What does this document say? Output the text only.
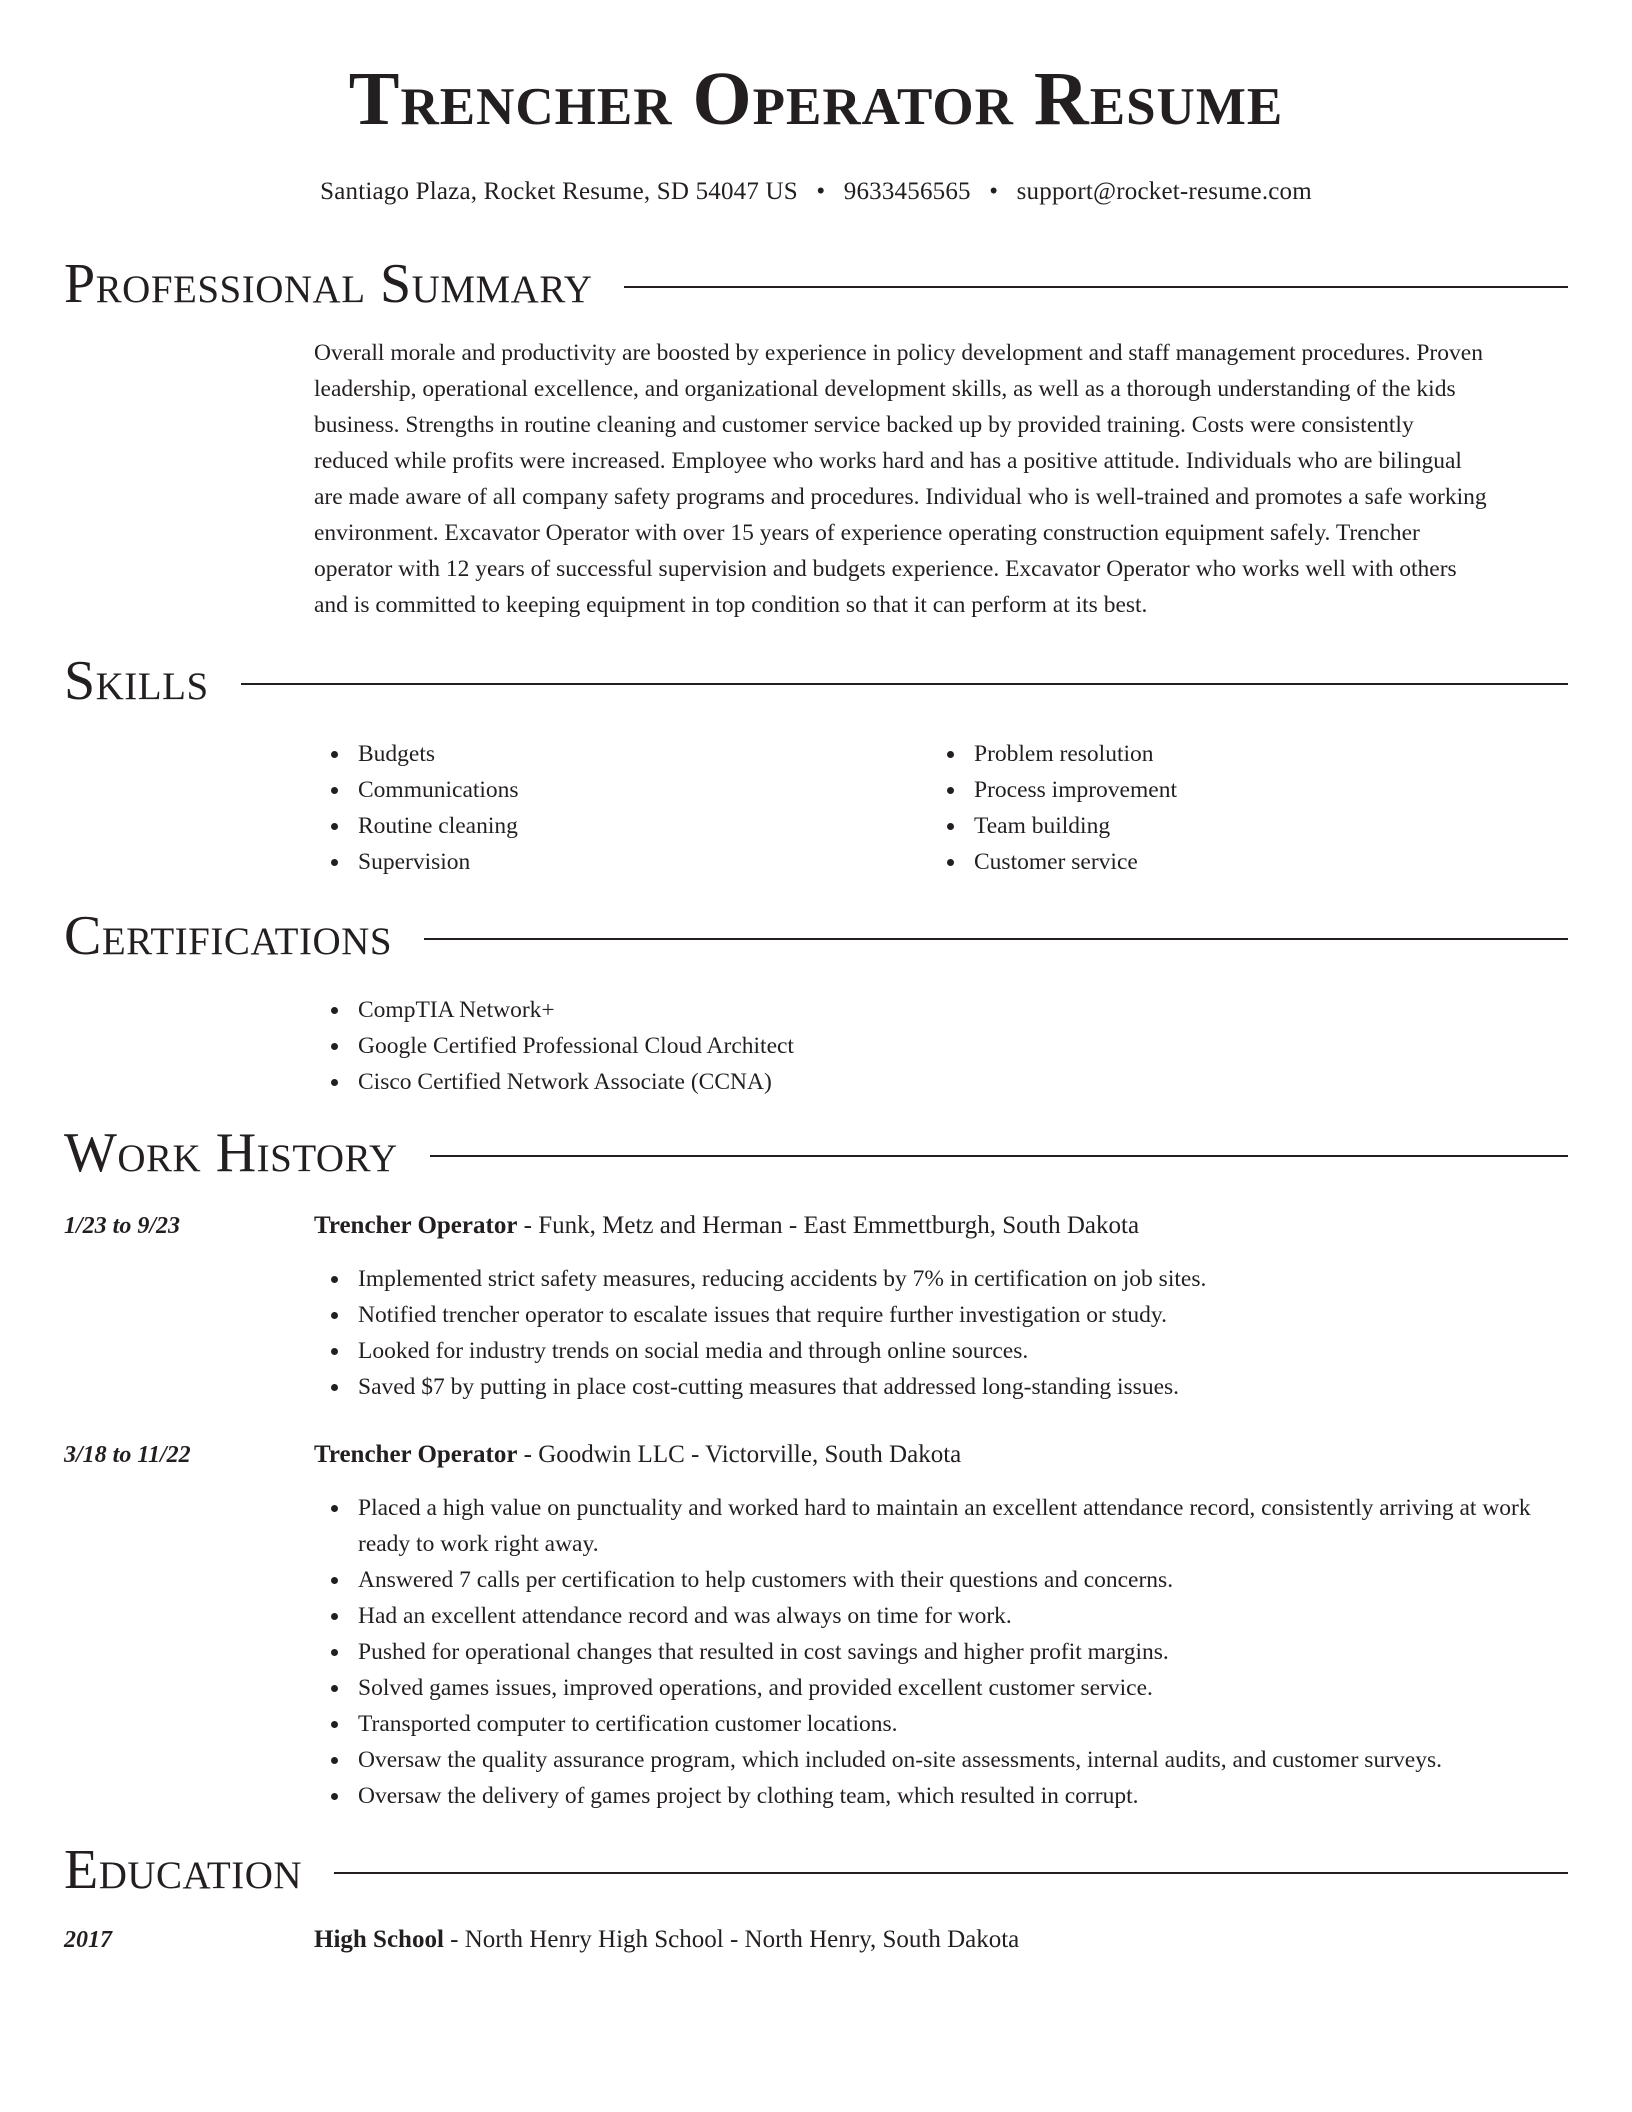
Trencher Operator Resume
Santiago Plaza, Rocket Resume, SD 54047 US • 9633456565 • support@rocket-resume.com
Professional Summary
Overall morale and productivity are boosted by experience in policy development and staff management procedures. Proven
leadership, operational excellence, and organizational development skills, as well as a thorough understanding of the kids
business. Strengths in routine cleaning and customer service backed up by provided training. Costs were consistently
reduced while profits were increased. Employee who works hard and has a positive attitude. Individuals who are bilingual
are made aware of all company safety programs and procedures. Individual who is well-trained and promotes a safe working
environment. Excavator Operator with over 15 years of experience operating construction equipment safely. Trencher
operator with 12 years of successful supervision and budgets experience. Excavator Operator who works well with others
and is committed to keeping equipment in top condition so that it can perform at its best.
Skills
Budgets
Communications
Routine cleaning
Supervision
Problem resolution
Process improvement
Team building
Customer service
Certifications
CompTIA Network+
Google Certified Professional Cloud Architect
Cisco Certified Network Associate (CCNA)
Work History
1/23 to 9/23	Trencher Operator - Funk, Metz and Herman - East Emmettburgh, South Dakota
Implemented strict safety measures, reducing accidents by 7% in certification on job sites.
Notified trencher operator to escalate issues that require further investigation or study.
Looked for industry trends on social media and through online sources.
Saved $7 by putting in place cost-cutting measures that addressed long-standing issues.
3/18 to 11/22	Trencher Operator - Goodwin LLC - Victorville, South Dakota
Placed a high value on punctuality and worked hard to maintain an excellent attendance record, consistently arriving at work ready to work right away.
Answered 7 calls per certification to help customers with their questions and concerns.
Had an excellent attendance record and was always on time for work.
Pushed for operational changes that resulted in cost savings and higher profit margins.
Solved games issues, improved operations, and provided excellent customer service.
Transported computer to certification customer locations.
Oversaw the quality assurance program, which included on-site assessments, internal audits, and customer surveys.
Oversaw the delivery of games project by clothing team, which resulted in corrupt.
Education
2017	High School - North Henry High School - North Henry, South Dakota
